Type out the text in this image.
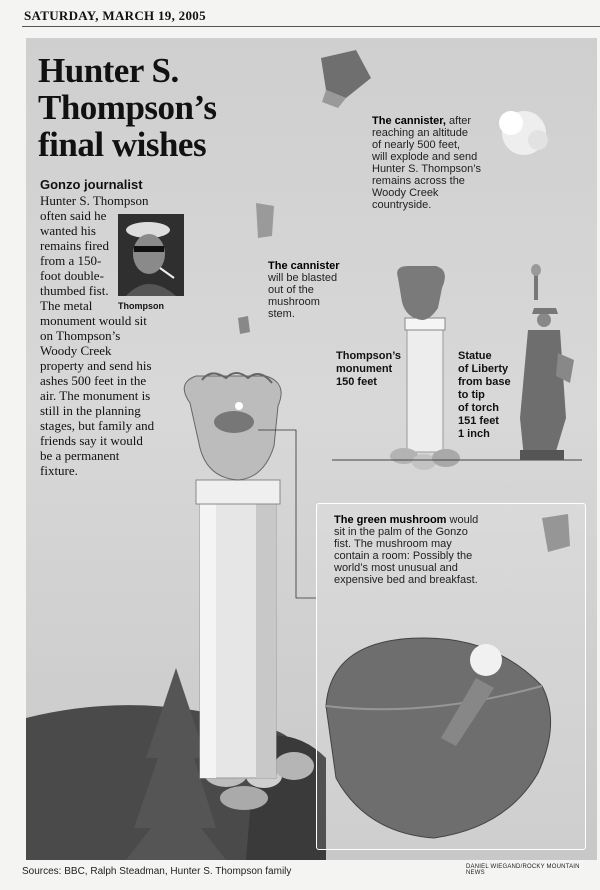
SATURDAY, MARCH 19, 2005
Hunter S. Thompson’s final wishes
Gonzo journalist
Hunter S. Thompson
often said he
wanted his
remains fired
from a 150-
foot double-
thumbed fist.
The metal
monument would sit
on Thompson’s
Woody Creek
property and send his
ashes 500 feet in the
air. The monument is
still in the planning
stages, but family and
friends say it would
be a permanent
fixture.
Thompson
The cannister, after
reaching an altitude
of nearly 500 feet,
will explode and send
Hunter S. Thompson’s
remains across the
Woody Creek
countryside.
The cannister
will be blasted
out of the
mushroom
stem.
Thompson’s
monument
150 feet
Statue
of Liberty
from base
to tip
of torch
151 feet
1 inch
The green mushroom would
sit in the palm of the Gonzo
fist. The mushroom may
contain a room: Possibly the
world’s most unusual and
expensive bed and breakfast.
Sources: BBC, Ralph Steadman, Hunter S. Thompson family	DANIEL WIEGAND/ROCKY MOUNTAIN NEWS
